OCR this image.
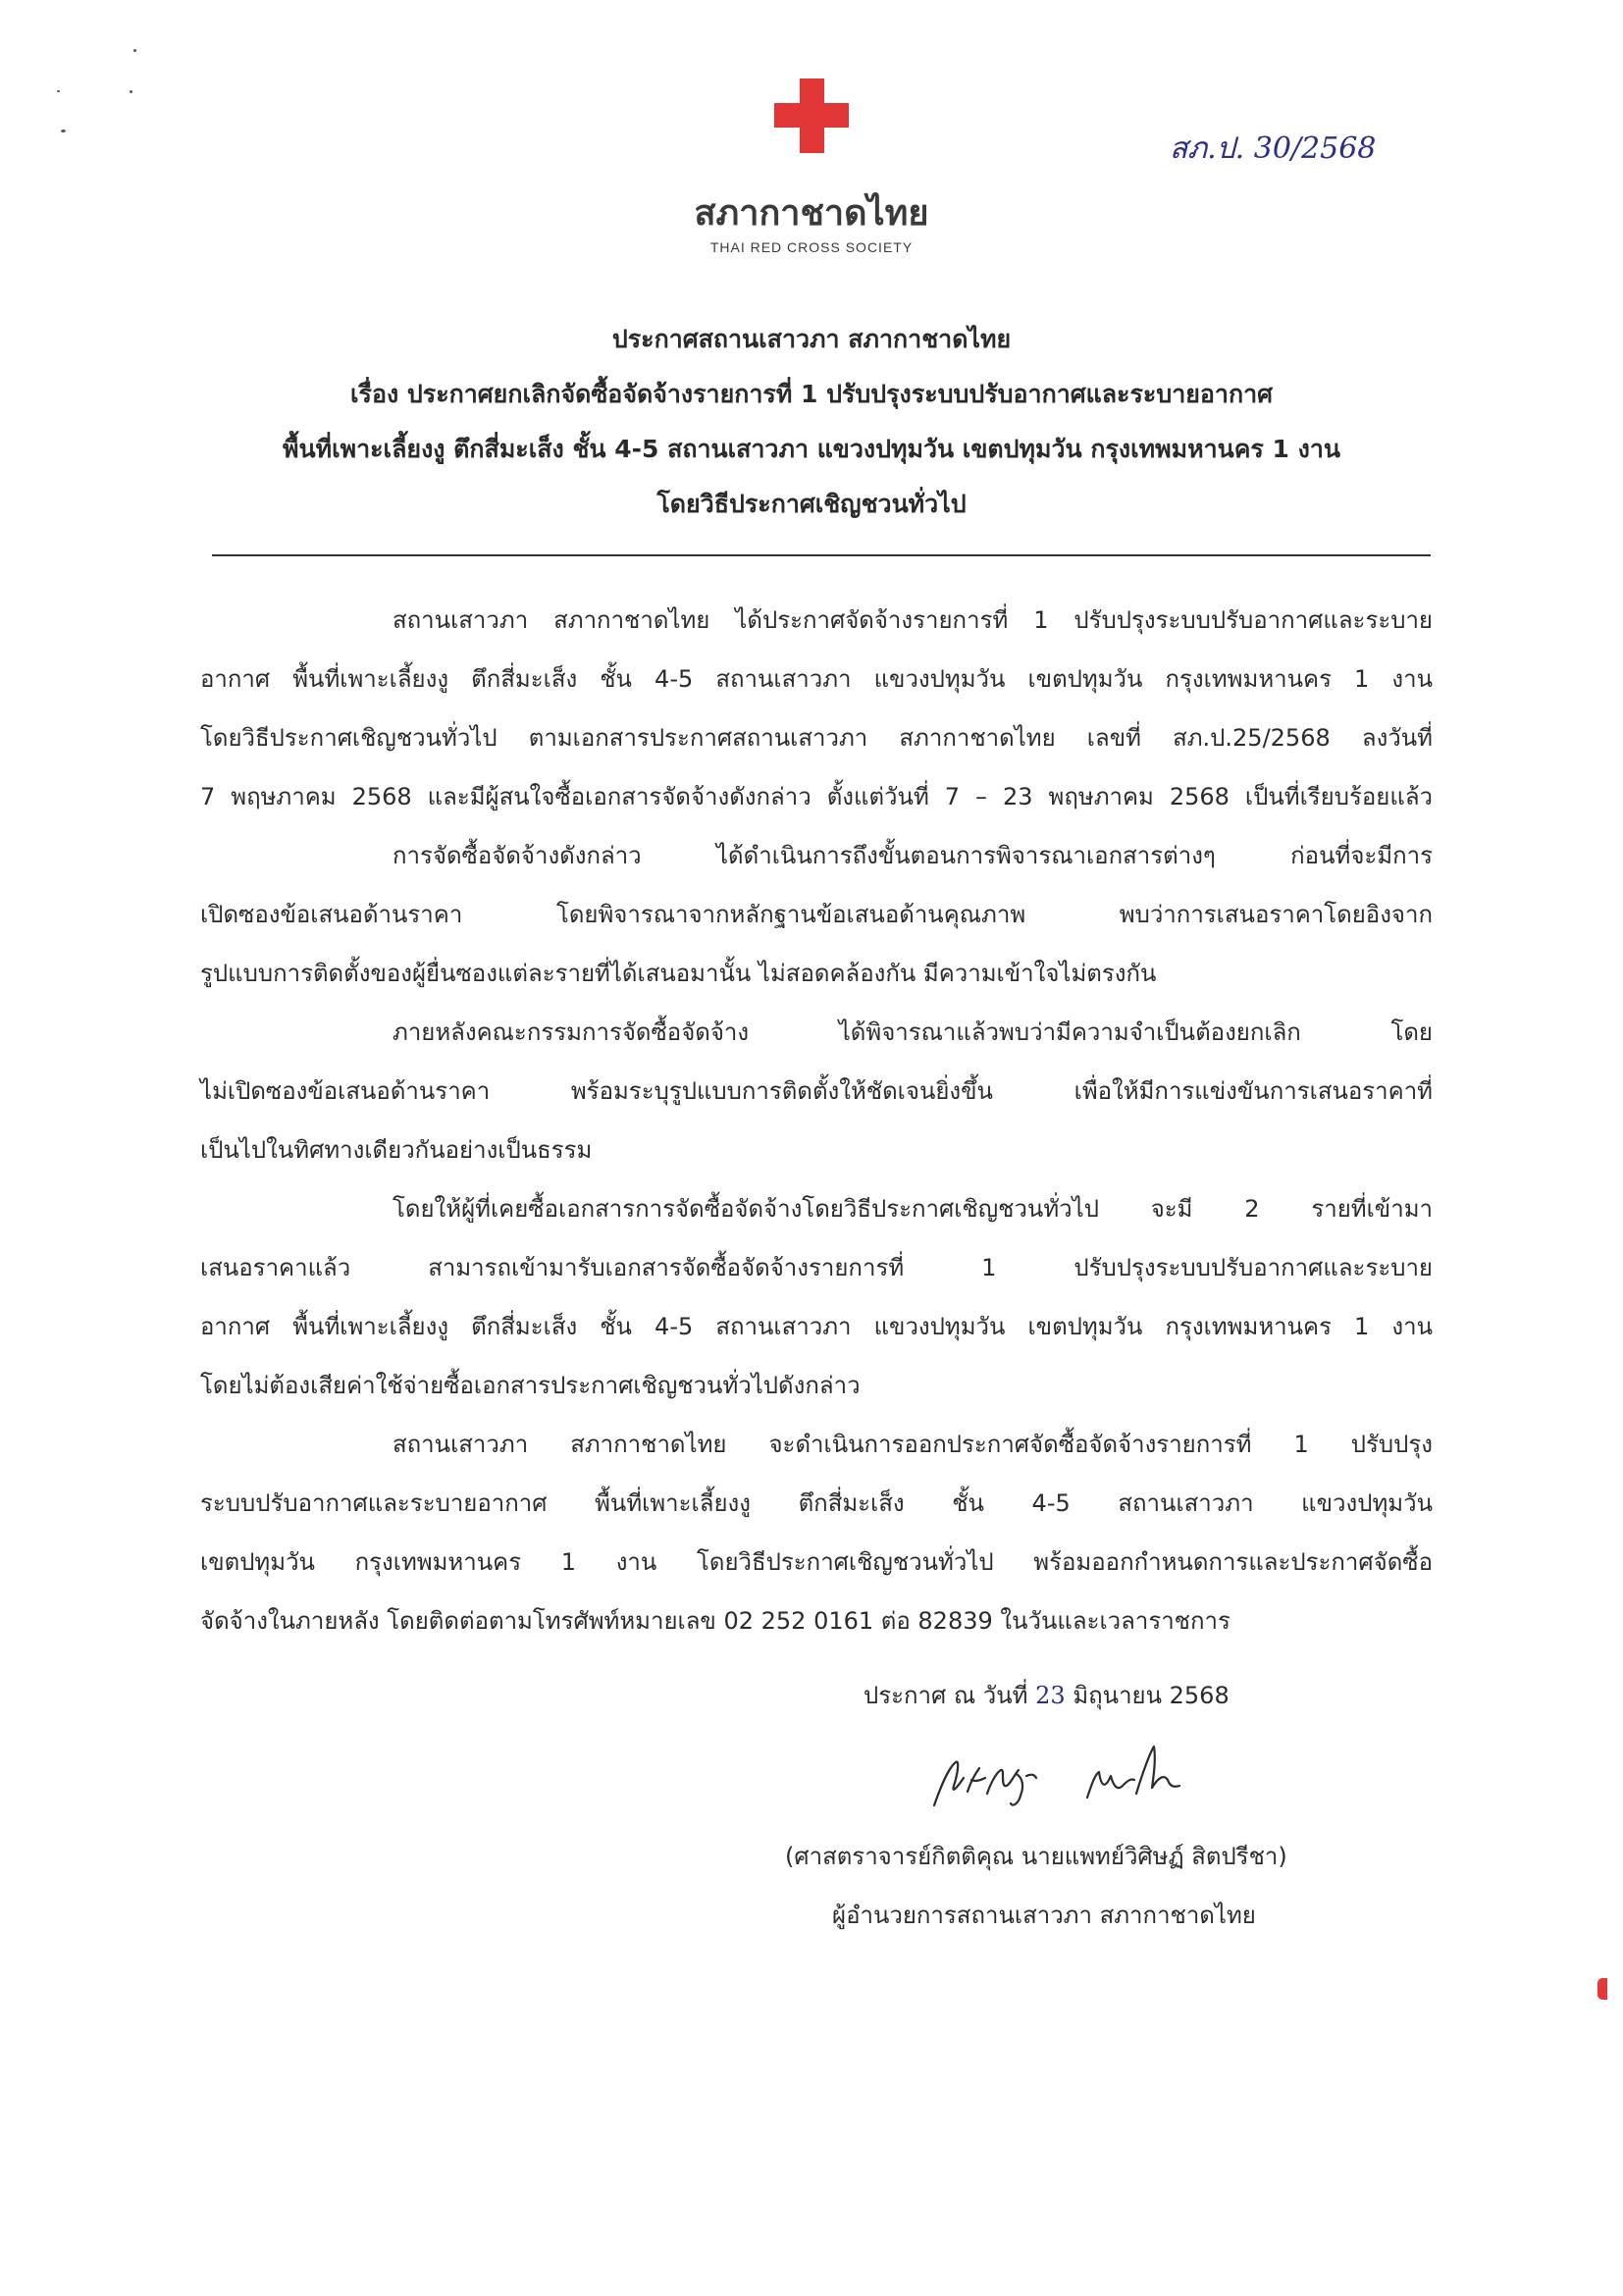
สภากาชาดไทย
THAI RED CROSS SOCIETY
สภ.ป. 30/2568
ประกาศสถานเสาวภา สภากาชาดไทย
เรื่อง ประกาศยกเลิกจัดซื้อจัดจ้างรายการที่ 1 ปรับปรุงระบบปรับอากาศและระบายอากาศ
พื้นที่เพาะเลี้ยงงู ตึกสี่มะเส็ง ชั้น 4-5 สถานเสาวภา แขวงปทุมวัน เขตปทุมวัน กรุงเทพมหานคร 1 งาน
โดยวิธีประกาศเชิญชวนทั่วไป
สถานเสาวภา สภากาชาดไทย ได้ประกาศจัดจ้างรายการที่ 1 ปรับปรุงระบบปรับอากาศและระบาย
อากาศ พื้นที่เพาะเลี้ยงงู ตึกสี่มะเส็ง ชั้น 4-5 สถานเสาวภา แขวงปทุมวัน เขตปทุมวัน กรุงเทพมหานคร 1 งาน
โดยวิธีประกาศเชิญชวนทั่วไป ตามเอกสารประกาศสถานเสาวภา สภากาชาดไทย เลขที่ สภ.ป.25/2568 ลงวันที่
7 พฤษภาคม 2568 และมีผู้สนใจซื้อเอกสารจัดจ้างดังกล่าว ตั้งแต่วันที่ 7 – 23 พฤษภาคม 2568 เป็นที่เรียบร้อยแล้ว
การจัดซื้อจัดจ้างดังกล่าว ได้ดำเนินการถึงขั้นตอนการพิจารณาเอกสารต่างๆ ก่อนที่จะมีการ
เปิดซองข้อเสนอด้านราคา โดยพิจารณาจากหลักฐานข้อเสนอด้านคุณภาพ พบว่าการเสนอราคาโดยอิงจาก
รูปแบบการติดตั้งของผู้ยื่นซองแต่ละรายที่ได้เสนอมานั้น ไม่สอดคล้องกัน มีความเข้าใจไม่ตรงกัน
ภายหลังคณะกรรมการจัดซื้อจัดจ้าง ได้พิจารณาแล้วพบว่ามีความจำเป็นต้องยกเลิก โดย
ไม่เปิดซองข้อเสนอด้านราคา พร้อมระบุรูปแบบการติดตั้งให้ชัดเจนยิ่งขึ้น เพื่อให้มีการแข่งขันการเสนอราคาที่
เป็นไปในทิศทางเดียวกันอย่างเป็นธรรม
โดยให้ผู้ที่เคยซื้อเอกสารการจัดซื้อจัดจ้างโดยวิธีประกาศเชิญชวนทั่วไป จะมี 2 รายที่เข้ามา
เสนอราคาแล้ว สามารถเข้ามารับเอกสารจัดซื้อจัดจ้างรายการที่ 1 ปรับปรุงระบบปรับอากาศและระบาย
อากาศ พื้นที่เพาะเลี้ยงงู ตึกสี่มะเส็ง ชั้น 4-5 สถานเสาวภา แขวงปทุมวัน เขตปทุมวัน กรุงเทพมหานคร 1 งาน
โดยไม่ต้องเสียค่าใช้จ่ายซื้อเอกสารประกาศเชิญชวนทั่วไปดังกล่าว
สถานเสาวภา สภากาชาดไทย จะดำเนินการออกประกาศจัดซื้อจัดจ้างรายการที่ 1 ปรับปรุง
ระบบปรับอากาศและระบายอากาศ พื้นที่เพาะเลี้ยงงู ตึกสี่มะเส็ง ชั้น 4-5 สถานเสาวภา แขวงปทุมวัน
เขตปทุมวัน กรุงเทพมหานคร 1 งาน โดยวิธีประกาศเชิญชวนทั่วไป พร้อมออกกำหนดการและประกาศจัดซื้อ
จัดจ้างในภายหลัง โดยติดต่อตามโทรศัพท์หมายเลข 02 252 0161 ต่อ 82839 ในวันและเวลาราชการ
ประกาศ ณ วันที่ 23 มิถุนายน 2568
(ศาสตราจารย์กิตติคุณ นายแพทย์วิศิษฏ์ สิตปรีชา)
ผู้อำนวยการสถานเสาวภา สภากาชาดไทย
